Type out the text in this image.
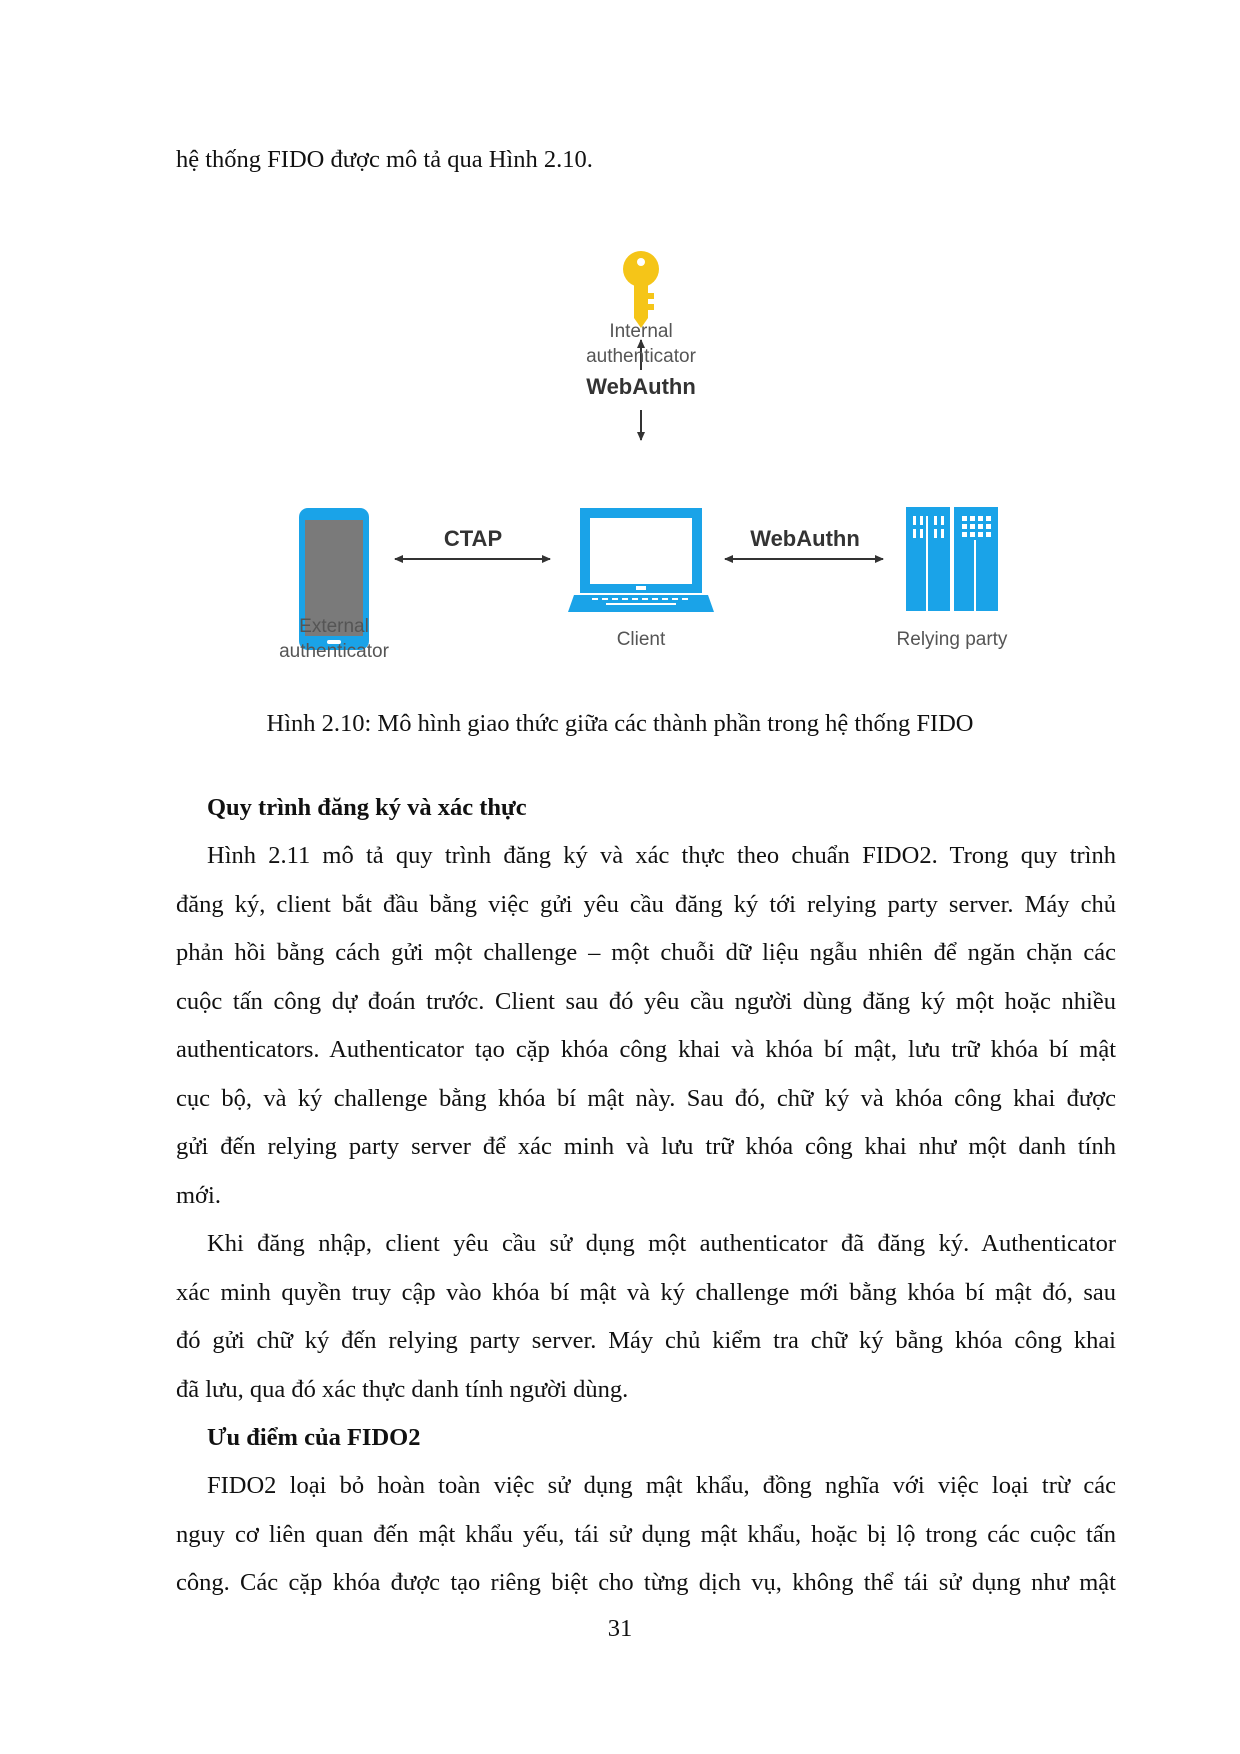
hệ thống FIDO được mô tả qua Hình 2.10.
Internal
authenticator
WebAuthn
CTAP	WebAuthn
External
authenticator
Client	Relying party
Hình 2.10: Mô hình giao thức giữa các thành phần trong hệ thống FIDO
Quy trình đăng ký và xác thực
Hình 2.11 mô tả quy trình đăng ký và xác thực theo chuẩn FIDO2. Trong quy trình
đăng ký, client bắt đầu bằng việc gửi yêu cầu đăng ký tới relying party server. Máy chủ
phản hồi bằng cách gửi một challenge – một chuỗi dữ liệu ngẫu nhiên để ngăn chặn các
cuộc tấn công dự đoán trước. Client sau đó yêu cầu người dùng đăng ký một hoặc nhiều
authenticators. Authenticator tạo cặp khóa công khai và khóa bí mật, lưu trữ khóa bí mật
cục bộ, và ký challenge bằng khóa bí mật này. Sau đó, chữ ký và khóa công khai được
gửi đến relying party server để xác minh và lưu trữ khóa công khai như một danh tính
mới.
Khi đăng nhập, client yêu cầu sử dụng một authenticator đã đăng ký. Authenticator
xác minh quyền truy cập vào khóa bí mật và ký challenge mới bằng khóa bí mật đó, sau
đó gửi chữ ký đến relying party server. Máy chủ kiểm tra chữ ký bằng khóa công khai
đã lưu, qua đó xác thực danh tính người dùng.
Ưu điểm của FIDO2
FIDO2 loại bỏ hoàn toàn việc sử dụng mật khẩu, đồng nghĩa với việc loại trừ các
nguy cơ liên quan đến mật khẩu yếu, tái sử dụng mật khẩu, hoặc bị lộ trong các cuộc tấn
công. Các cặp khóa được tạo riêng biệt cho từng dịch vụ, không thể tái sử dụng như mật
31
